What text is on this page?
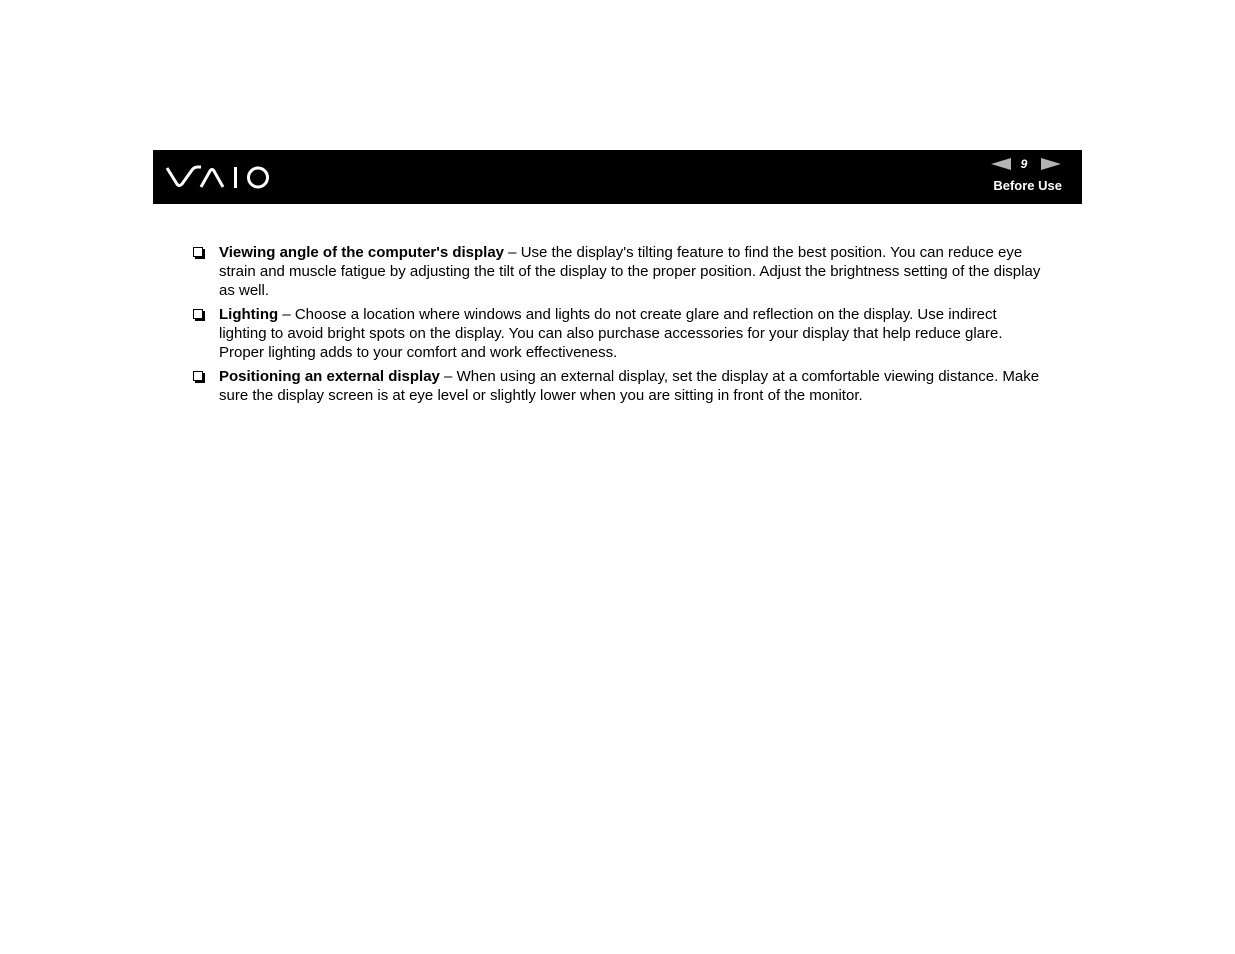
9
Before Use
Viewing angle of the computer's display – Use the display's tilting feature to find the best position. You can reduce eye strain and muscle fatigue by adjusting the tilt of the display to the proper position. Adjust the brightness setting of the display as well.
Lighting – Choose a location where windows and lights do not create glare and reflection on the display. Use indirect lighting to avoid bright spots on the display. You can also purchase accessories for your display that help reduce glare. Proper lighting adds to your comfort and work effectiveness.
Positioning an external display – When using an external display, set the display at a comfortable viewing distance. Make sure the display screen is at eye level or slightly lower when you are sitting in front of the monitor.
